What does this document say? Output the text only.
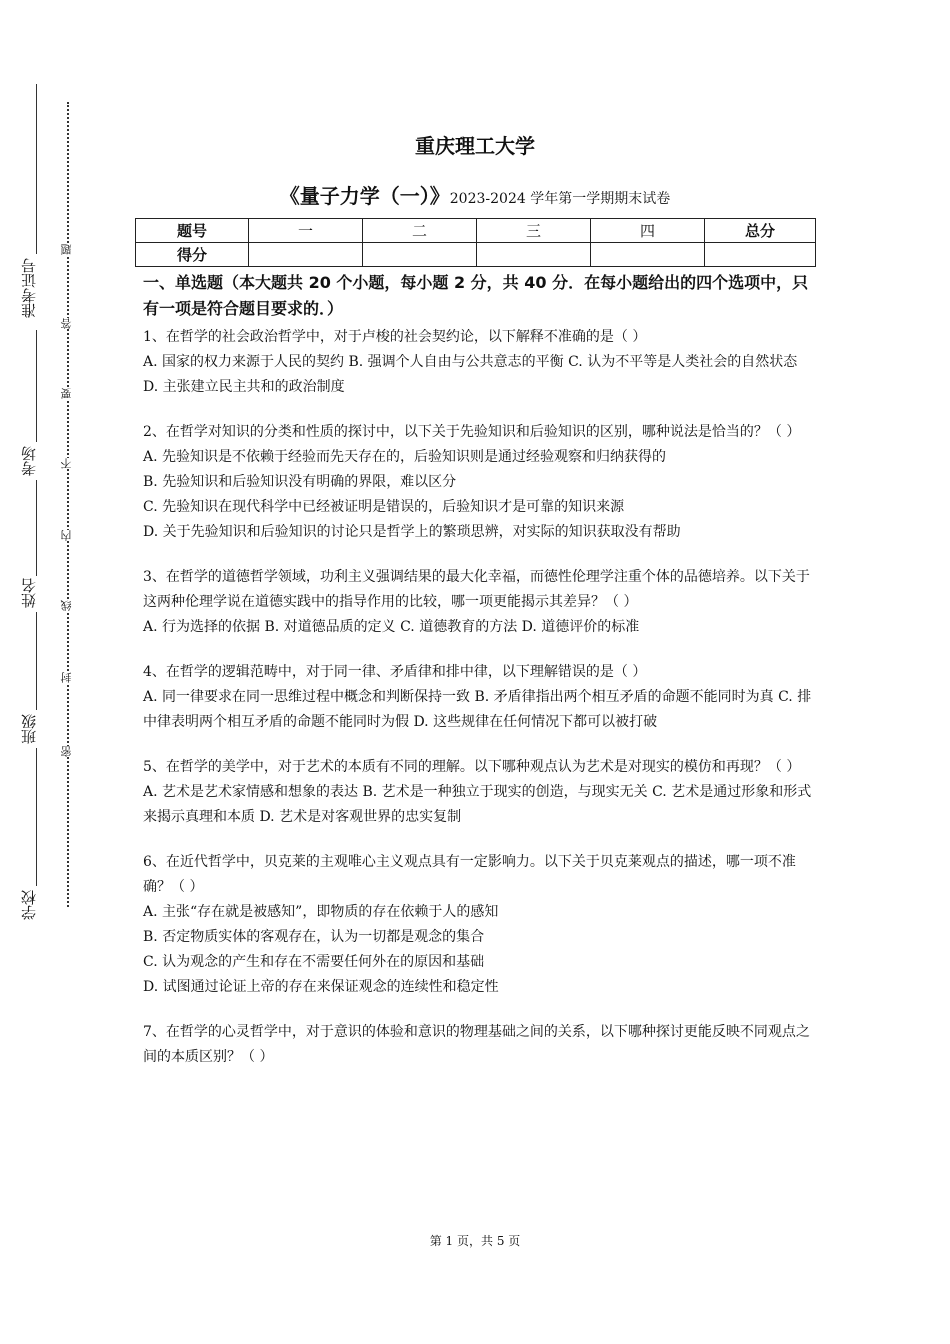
准考证号
考场
姓名
班级
学校
题
答
要
不
内
线
封
密
重庆理工大学
《量子力学（一）》2023-2024 学年第一学期期末试卷
题号	一	二	三	四	总分
得分					
一、单选题（本大题共 20 个小题，每小题 2 分，共 40 分．在每小题给出的四个选项中，只有一项是符合题目要求的．）

1、在哲学的社会政治哲学中，对于卢梭的社会契约论，以下解释不准确的是（ ）

A. 国家的权力来源于人民的契约 B. 强调个人自由与公共意志的平衡 C. 认为不平等是人类社会的自然状态 D. 主张建立民主共和的政治制度

2、在哲学对知识的分类和性质的探讨中，以下关于先验知识和后验知识的区别，哪种说法是恰当的？（ ）

A. 先验知识是不依赖于经验而先天存在的，后验知识则是通过经验观察和归纳获得的

B. 先验知识和后验知识没有明确的界限，难以区分

C. 先验知识在现代科学中已经被证明是错误的，后验知识才是可靠的知识来源

D. 关于先验知识和后验知识的讨论只是哲学上的繁琐思辨，对实际的知识获取没有帮助

3、在哲学的道德哲学领域，功利主义强调结果的最大化幸福，而德性伦理学注重个体的品德培养。以下关于这两种伦理学说在道德实践中的指导作用的比较，哪一项更能揭示其差异？（ ）

A. 行为选择的依据 B. 对道德品质的定义 C. 道德教育的方法 D. 道德评价的标准

4、在哲学的逻辑范畴中，对于同一律、矛盾律和排中律，以下理解错误的是（ ）

A. 同一律要求在同一思维过程中概念和判断保持一致 B. 矛盾律指出两个相互矛盾的命题不能同时为真 C. 排中律表明两个相互矛盾的命题不能同时为假 D. 这些规律在任何情况下都可以被打破

5、在哲学的美学中，对于艺术的本质有不同的理解。以下哪种观点认为艺术是对现实的模仿和再现？（ ）

A. 艺术是艺术家情感和想象的表达 B. 艺术是一种独立于现实的创造，与现实无关 C. 艺术是通过形象和形式来揭示真理和本质 D. 艺术是对客观世界的忠实复制

6、在近代哲学中，贝克莱的主观唯心主义观点具有一定影响力。以下关于贝克莱观点的描述，哪一项不准确？（ ）

A. 主张“存在就是被感知”，即物质的存在依赖于人的感知

B. 否定物质实体的客观存在，认为一切都是观念的集合

C. 认为观念的产生和存在不需要任何外在的原因和基础

D. 试图通过论证上帝的存在来保证观念的连续性和稳定性

7、在哲学的心灵哲学中，对于意识的体验和意识的物理基础之间的关系，以下哪种探讨更能反映不同观点之间的本质区别？（ ）

第 1 页，共 5 页
